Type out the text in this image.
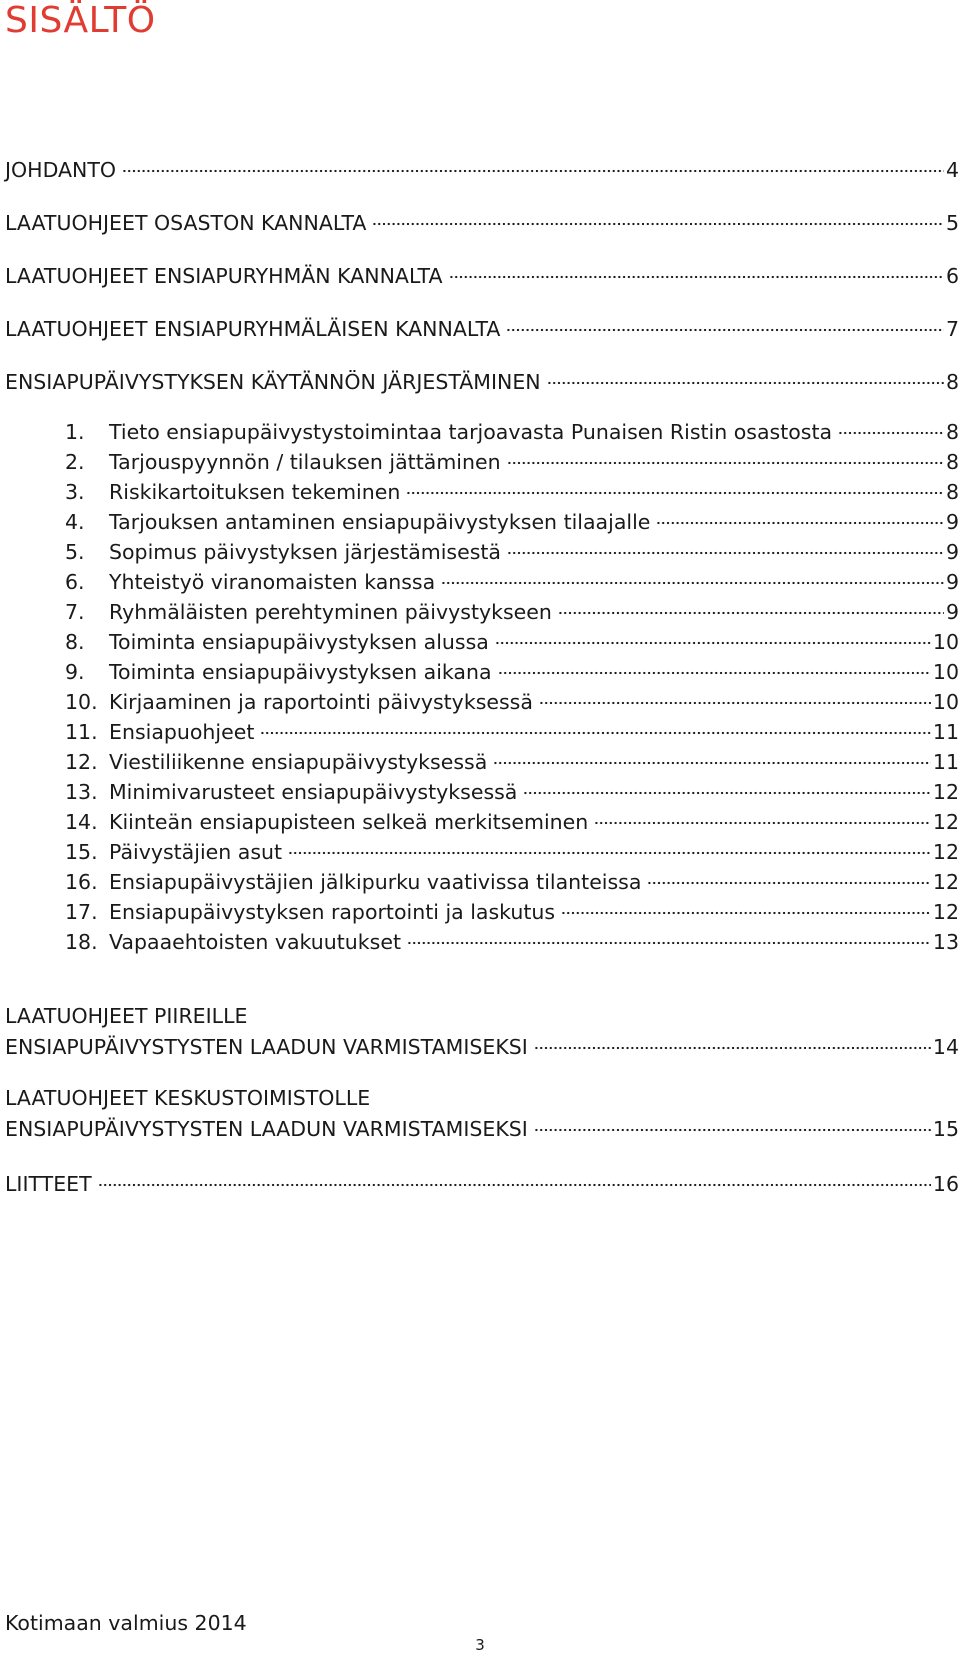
SISÄLTÖ
JOHDANTO	4
LAATUOHJEET OSASTON KANNALTA	5
LAATUOHJEET ENSIAPURYHMÄN KANNALTA	6
LAATUOHJEET ENSIAPURYHMÄLÄISEN KANNALTA	7
ENSIAPUPÄIVYSTYKSEN KÄYTÄNNÖN JÄRJESTÄMINEN	8
1.	Tieto ensiapupäivystystoimintaa tarjoavasta Punaisen Ristin osastosta	8
2.	Tarjouspyynnön / tilauksen jättäminen	8
3.	Riskikartoituksen tekeminen	8
4.	Tarjouksen antaminen ensiapupäivystyksen tilaajalle	9
5.	Sopimus päivystyksen järjestämisestä	9
6.	Yhteistyö viranomaisten kanssa	9
7.	Ryhmäläisten perehtyminen päivystykseen	9
8.	Toiminta ensiapupäivystyksen alussa	10
9.	Toiminta ensiapupäivystyksen aikana	10
10. Kirjaaminen ja raportointi päivystyksessä	10
11. Ensiapuohjeet	11
12. Viestiliikenne ensiapupäivystyksessä	11
13. Minimivarusteet ensiapupäivystyksessä	12
14. Kiinteän ensiapupisteen selkeä merkitseminen	12
15. Päivystäjien asut	12
16. Ensiapupäivystäjien jälkipurku vaativissa tilanteissa	12
17. Ensiapupäivystyksen raportointi ja laskutus	12
18. Vapaaehtoisten vakuutukset	13
LAATUOHJEET PIIREILLE
ENSIAPUPÄIVYSTYSTEN LAADUN VARMISTAMISEKSI	14
LAATUOHJEET KESKUSTOIMISTOLLE
ENSIAPUPÄIVYSTYSTEN LAADUN VARMISTAMISEKSI	15
LIITTEET	16
Kotimaan valmius 2014
3
